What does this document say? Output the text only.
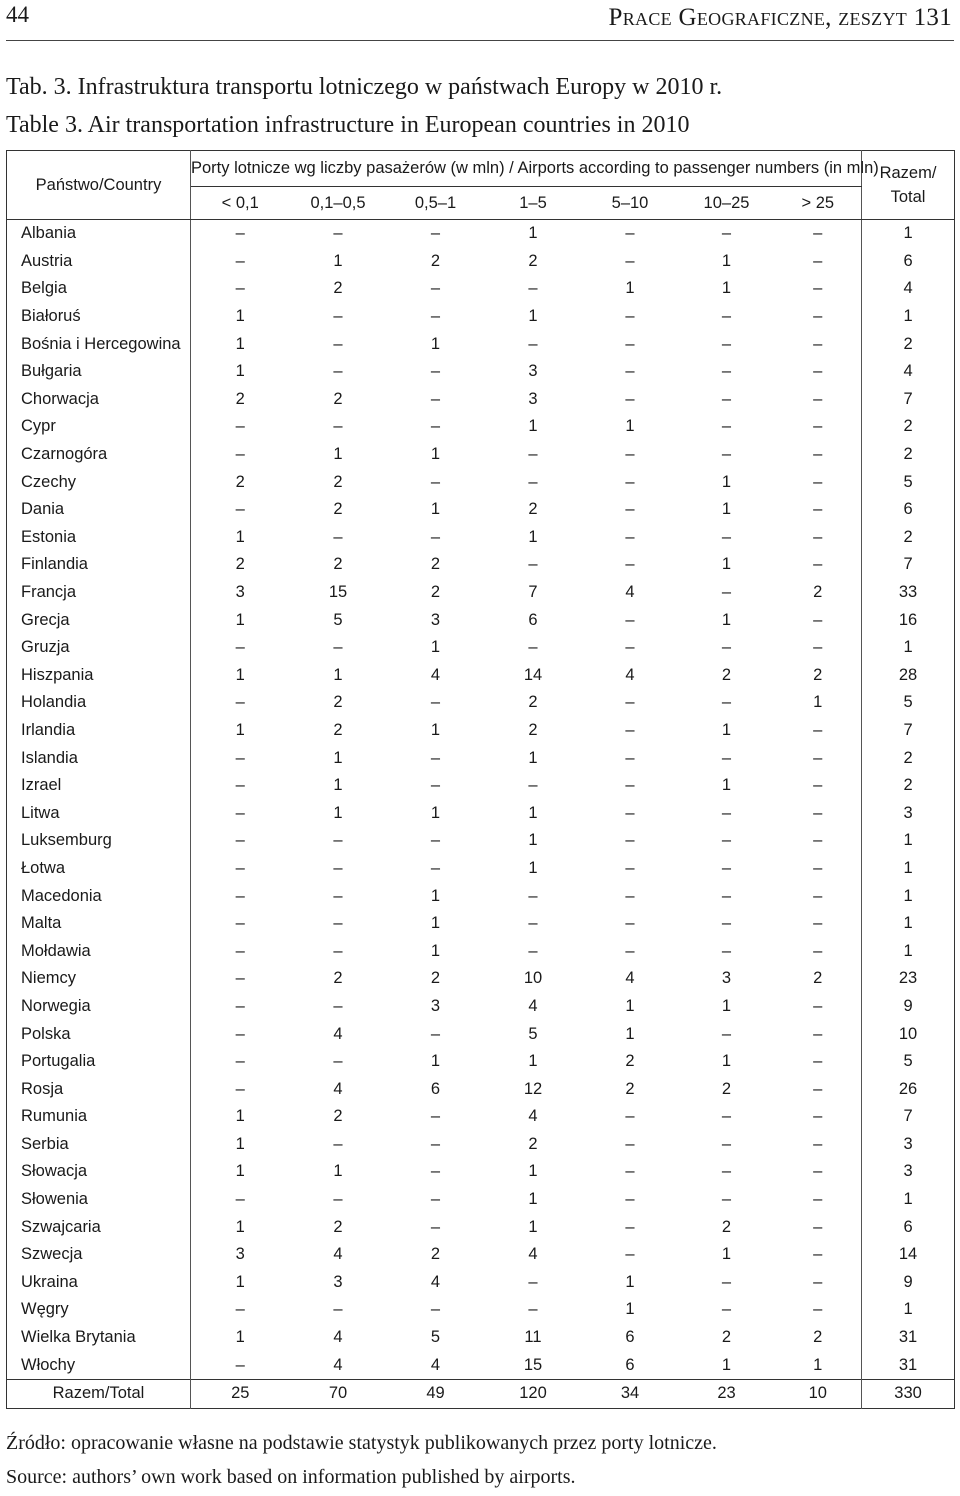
44	Prace Geograficzne, zeszyt 131
Tab. 3. Infrastruktura transportu lotniczego w państwach Europy w 2010 r.
Table 3. Air transportation infrastructure in European countries in 2010
Państwo/Country	Porty lotnicze wg liczby pasażerów (w mln) / Airports according to passenger numbers (in mln)							Razem/
Total
	< 0,1	0,1–0,5	0,5–1	1–5	5–10	10–25	> 25	
Albania	–	–	–	1	–	–	–	1
Austria	–	1	2	2	–	1	–	6
Belgia	–	2	–	–	1	1	–	4
Białoruś	1	–	–	1	–	–	–	1
Bośnia i Hercegowina	1	–	1	–	–	–	–	2
Bułgaria	1	–	–	3	–	–	–	4
Chorwacja	2	2	–	3	–	–	–	7
Cypr	–	–	–	1	1	–	–	2
Czarnogóra	–	1	1	–	–	–	–	2
Czechy	2	2	–	–	–	1	–	5
Dania	–	2	1	2	–	1	–	6
Estonia	1	–	–	1	–	–	–	2
Finlandia	2	2	2	–	–	1	–	7
Francja	3	15	2	7	4	–	2	33
Grecja	1	5	3	6	–	1	–	16
Gruzja	–	–	1	–	–	–	–	1
Hiszpania	1	1	4	14	4	2	2	28
Holandia	–	2	–	2	–	–	1	5
Irlandia	1	2	1	2	–	1	–	7
Islandia	–	1	–	1	–	–	–	2
Izrael	–	1	–	–	–	1	–	2
Litwa	–	1	1	1	–	–	–	3
Luksemburg	–	–	–	1	–	–	–	1
Łotwa	–	–	–	1	–	–	–	1
Macedonia	–	–	1	–	–	–	–	1
Malta	–	–	1	–	–	–	–	1
Mołdawia	–	–	1	–	–	–	–	1
Niemcy	–	2	2	10	4	3	2	23
Norwegia	–	–	3	4	1	1	–	9
Polska	–	4	–	5	1	–	–	10
Portugalia	–	–	1	1	2	1	–	5
Rosja	–	4	6	12	2	2	–	26
Rumunia	1	2	–	4	–	–	–	7
Serbia	1	–	–	2	–	–	–	3
Słowacja	1	1	–	1	–	–	–	3
Słowenia	–	–	–	1	–	–	–	1
Szwajcaria	1	2	–	1	–	2	–	6
Szwecja	3	4	2	4	–	1	–	14
Ukraina	1	3	4	–	1	–	–	9
Węgry	–	–	–	–	1	–	–	1
Wielka Brytania	1	4	5	11	6	2	2	31
Włochy	–	4	4	15	6	1	1	31
Razem/Total	25	70	49	120	34	23	10	330
Źródło: opracowanie własne na podstawie statystyk publikowanych przez porty lotnicze.
Source: authors’ own work based on information published by airports.
